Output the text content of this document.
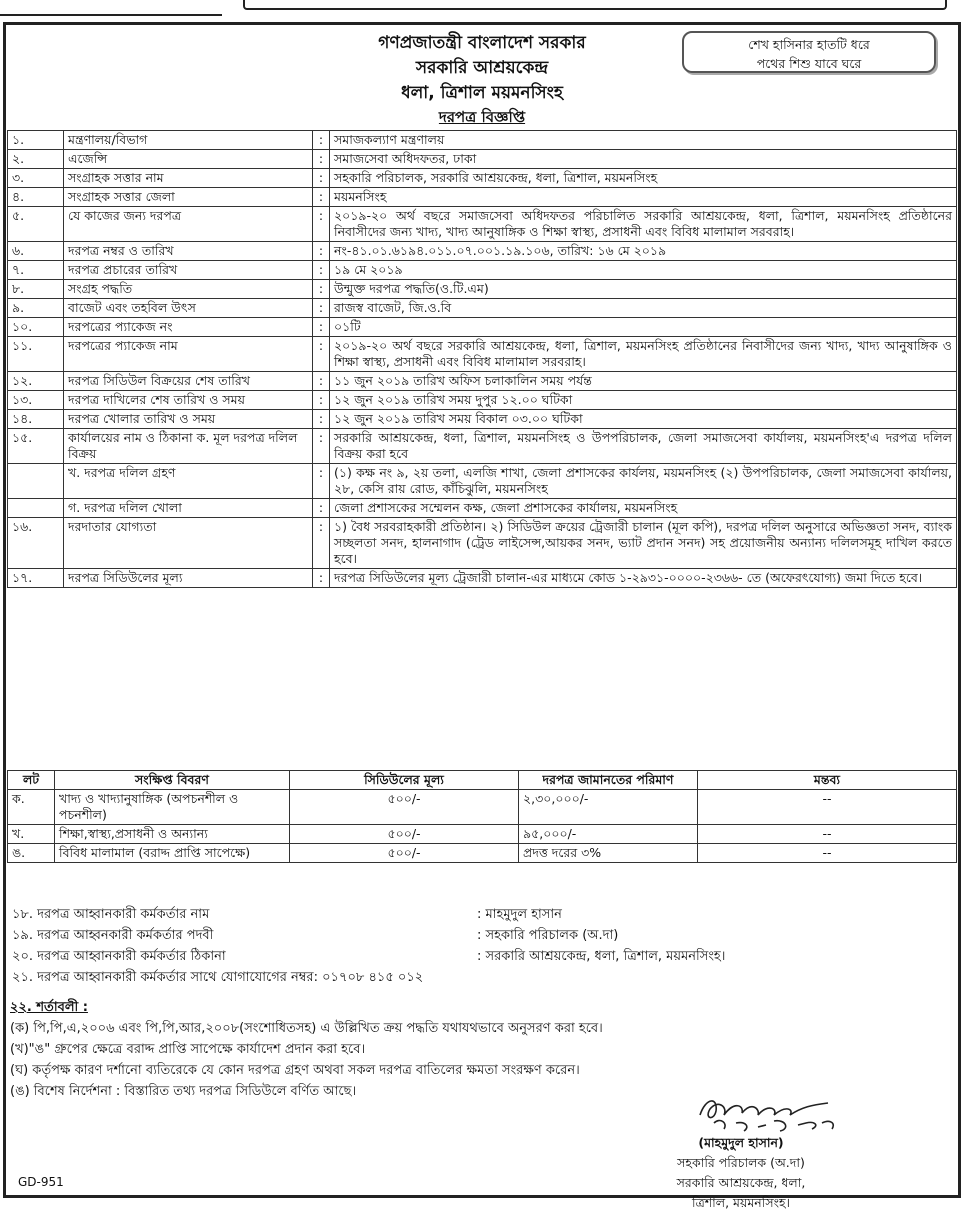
গণপ্রজাতন্ত্রী বাংলাদেশ সরকার
সরকারি আশ্রয়কেন্দ্র
ধলা, ত্রিশাল ময়মনসিংহ
দরপত্র বিজ্ঞপ্তি
শেখ হাসিনার হাতটি ধরে
পথের শিশু যাবে ঘরে
১.	মন্ত্রণালয়/বিভাগ	:	সমাজকল্যাণ মন্ত্রণালয়
২.	এজেন্সি	:	সমাজসেবা অধিদফতর, ঢাকা
৩.	সংগ্রাহক সত্তার নাম	:	সহকারি পরিচালক, সরকারি আশ্রয়কেন্দ্র, ধলা, ত্রিশাল, ময়মনসিংহ
৪.	সংগ্রাহক সত্তার জেলা	:	ময়মনসিংহ
৫.	যে কাজের জন্য দরপত্র	:	২০১৯-২০ অর্থ বছরে সমাজসেবা অধিদফতর পরিচালিত সরকারি আশ্রয়কেন্দ্র, ধলা, ত্রিশাল, ময়মনসিংহ প্রতিষ্ঠানের নিবাসীদের জন্য খাদ্য, খাদ্য আনুষাঙ্গিক ও শিক্ষা স্বাস্থ্য, প্রসাধনী এবং বিবিধ মালামাল সরবরাহ।
৬.	দরপত্র নম্বর ও তারিখ	:	নং-৪১.০১.৬১৯৪.০১১.০৭.০০১.১৯.১০৬, তারিখ: ১৬ মে ২০১৯
৭.	দরপত্র প্রচারের তারিখ	:	১৯ মে ২০১৯
৮.	সংগ্রহ পদ্ধতি	:	উন্মুক্ত দরপত্র পদ্ধতি(ও.টি.এম)
৯.	বাজেট এবং তহবিল উৎস	:	রাজস্ব বাজেট, জি.ও.বি
১০.	দরপত্রের প্যাকেজ নং	:	০১টি
১১.	দরপত্রের প্যাকেজ নাম	:	২০১৯-২০ অর্থ বছরে সরকারি আশ্রয়কেন্দ্র, ধলা, ত্রিশাল, ময়মনসিংহ প্রতিষ্ঠানের নিবাসীদের জন্য খাদ্য, খাদ্য আনুষাঙ্গিক ও শিক্ষা স্বাস্থ্য, প্রসাধনী এবং বিবিধ মালামাল সরবরাহ।
১২.	দরপত্র সিডিউল বিক্রয়ের শেষ তারিখ	:	১১ জুন ২০১৯ তারিখ অফিস চলাকালিন সময় পর্যন্ত
১৩.	দরপত্র দাখিলের শেষ তারিখ ও সময়	:	১২ জুন ২০১৯ তারিখ সময় দুপুর ১২.০০ ঘটিকা
১৪.	দরপত্র খোলার তারিখ ও সময়	:	১২ জুন ২০১৯ তারিখ সময় বিকাল ০৩.০০ ঘটিকা
১৫.	কার্যালয়ের নাম ও ঠিকানা ক. মূল দরপত্র দলিল বিক্রয়	:	সরকারি আশ্রয়কেন্দ্র, ধলা, ত্রিশাল, ময়মনসিংহ ও উপপরিচালক, জেলা সমাজসেবা কার্যালয়, ময়মনসিংহ'এ দরপত্র দলিল বিক্রয় করা হবে
	খ. দরপত্র দলিল গ্রহণ	:	(১) কক্ষ নং ৯, ২য় তলা, এলজি শাখা, জেলা প্রশাসকের কার্যলয়, ময়মনসিংহ (২) উপপরিচালক, জেলা সমাজসেবা কার্যালয়, ২৮, কেসি রায় রোড, কাঁচিঝুলি, ময়মনসিংহ
	গ. দরপত্র দলিল খোলা	:	জেলা প্রশাসকের সম্মেলন কক্ষ, জেলা প্রশাসকের কার্যালয়, ময়মনসিংহ
১৬.	দরদাতার যোগ্যতা	:	১) বৈধ সরবরাহকারী প্রতিষ্ঠান। ২) সিডিউল ক্রয়ের ট্রেজারী চালান (মূল কপি), দরপত্র দলিল অনুসারে অভিজ্ঞতা সনদ, ব্যাংক সচ্ছলতা সনদ, হালনাগাদ (ট্রেড লাইসেন্স,আয়কর সনদ, ভ্যাট প্রদান সনদ) সহ প্রয়োজনীয় অন্যান্য দলিলসমূহ দাখিল করতে হবে।
১৭.	দরপত্র সিডিউলের মূল্য	:	দরপত্র সিডিউলের মূল্য ট্রেজারী চালান-এর মাধ্যমে কোড ১-২৯৩১-০০০০-২৩৬৬- তে (অফেরৎযোগ্য) জমা দিতে হবে।
লট	সংক্ষিপ্ত বিবরণ	সিডিউলের মূল্য	দরপত্র জামানতের পরিমাণ	মন্তব্য
ক.	খাদ্য ও খাদ্যানুষাঙ্গিক (অপচনশীল ও পচনশীল)	৫০০/-	২,৩০,০০০/-	--
খ.	শিক্ষা,স্বাস্থ্য,প্রসাধনী ও অন্যান্য	৫০০/-	৯৫,০০০/-	--
ঙ.	বিবিধ মালামাল (বরাদ্দ প্রাপ্তি সাপেক্ষে)	৫০০/-	প্রদত্ত দরের ৩%	--
১৮. দরপত্র আহ্বানকারী কর্মকর্তার নাম	: মাহমুদুল হাসান
১৯. দরপত্র আহ্বনকারী কর্মকর্তার পদবী	: সহকারি পরিচালক (অ.দা)
২০. দরপত্র আহ্বানকারী কর্মকর্তার ঠিকানা	: সরকারি আশ্রয়কেন্দ্র, ধলা, ত্রিশাল, ময়মনসিংহ।
২১. দরপত্র আহ্বানকারী কর্মকর্তার সাথে যোগাযোগের নম্বর: ০১৭০৮ ৪১৫ ০১২
২২. শর্তাবলী :
(ক) পি,পি,এ,২০০৬ এবং পি,পি,আর,২০০৮(সংশোধিতসহ) এ উল্লিখিত ক্রয় পদ্ধতি যথাযথভাবে অনুসরণ করা হবে।
(খ)"ঙ" গ্রুপের ক্ষেত্রে বরাদ্দ প্রাপ্তি সাপেক্ষে কার্যাদেশ প্রদান করা হবে।
(ঘ) কর্তৃপক্ষ কারণ দর্শানো ব্যতিরেকে যে কোন দরপত্র গ্রহণ অথবা সকল দরপত্র বাতিলের ক্ষমতা সংরক্ষণ করেন।
(ঙ) বিশেষ নির্দেশনা : বিস্তারিত তথ্য দরপত্র সিডিউলে বর্ণিত আছে।
(মাহমুদুল হাসান)
সহকারি পরিচালক (অ.দা)
সরকারি আশ্রয়কেন্দ্র, ধলা,
ত্রিশাল, ময়মনসিংহ।
GD-951
